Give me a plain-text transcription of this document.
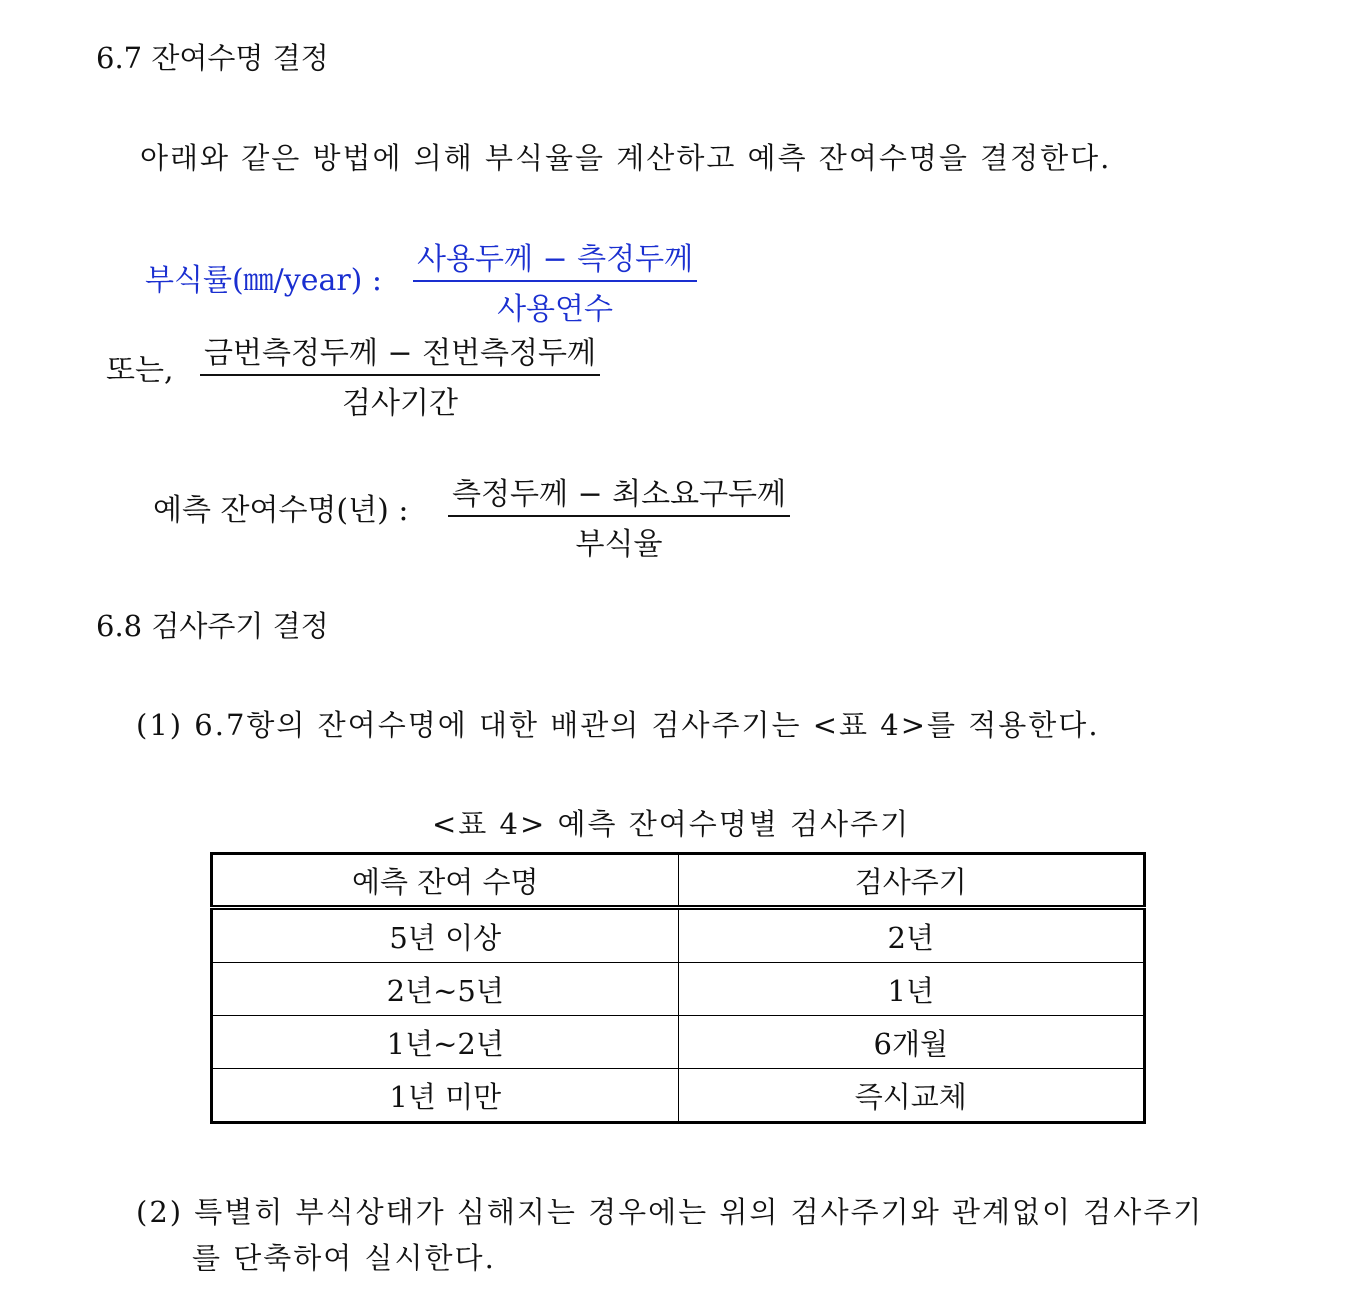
6.7 잔여수명 결정
아래와 같은 방법에 의해 부식율을 계산하고 예측 잔여수명을 결정한다.
부식률(㎜/year) :
사용두께 − 측정두께
사용연수
또는, 금번측정두께 − 전번측정두께
검사기간
예측 잔여수명(년) : 측정두께 − 최소요구두께
부식율
6.8 검사주기 결정
(1) 6.7항의 잔여수명에 대한 배관의 검사주기는 <표 4>를 적용한다.
<표 4> 예측 잔여수명별 검사주기
예측 잔여 수명	검사주기
5년 이상	2년
2년~5년	1년
1년~2년	6개월
1년 미만	즉시교체
(2) 특별히 부식상태가 심해지는 경우에는 위의 검사주기와 관계없이 검사주기
를 단축하여 실시한다.
